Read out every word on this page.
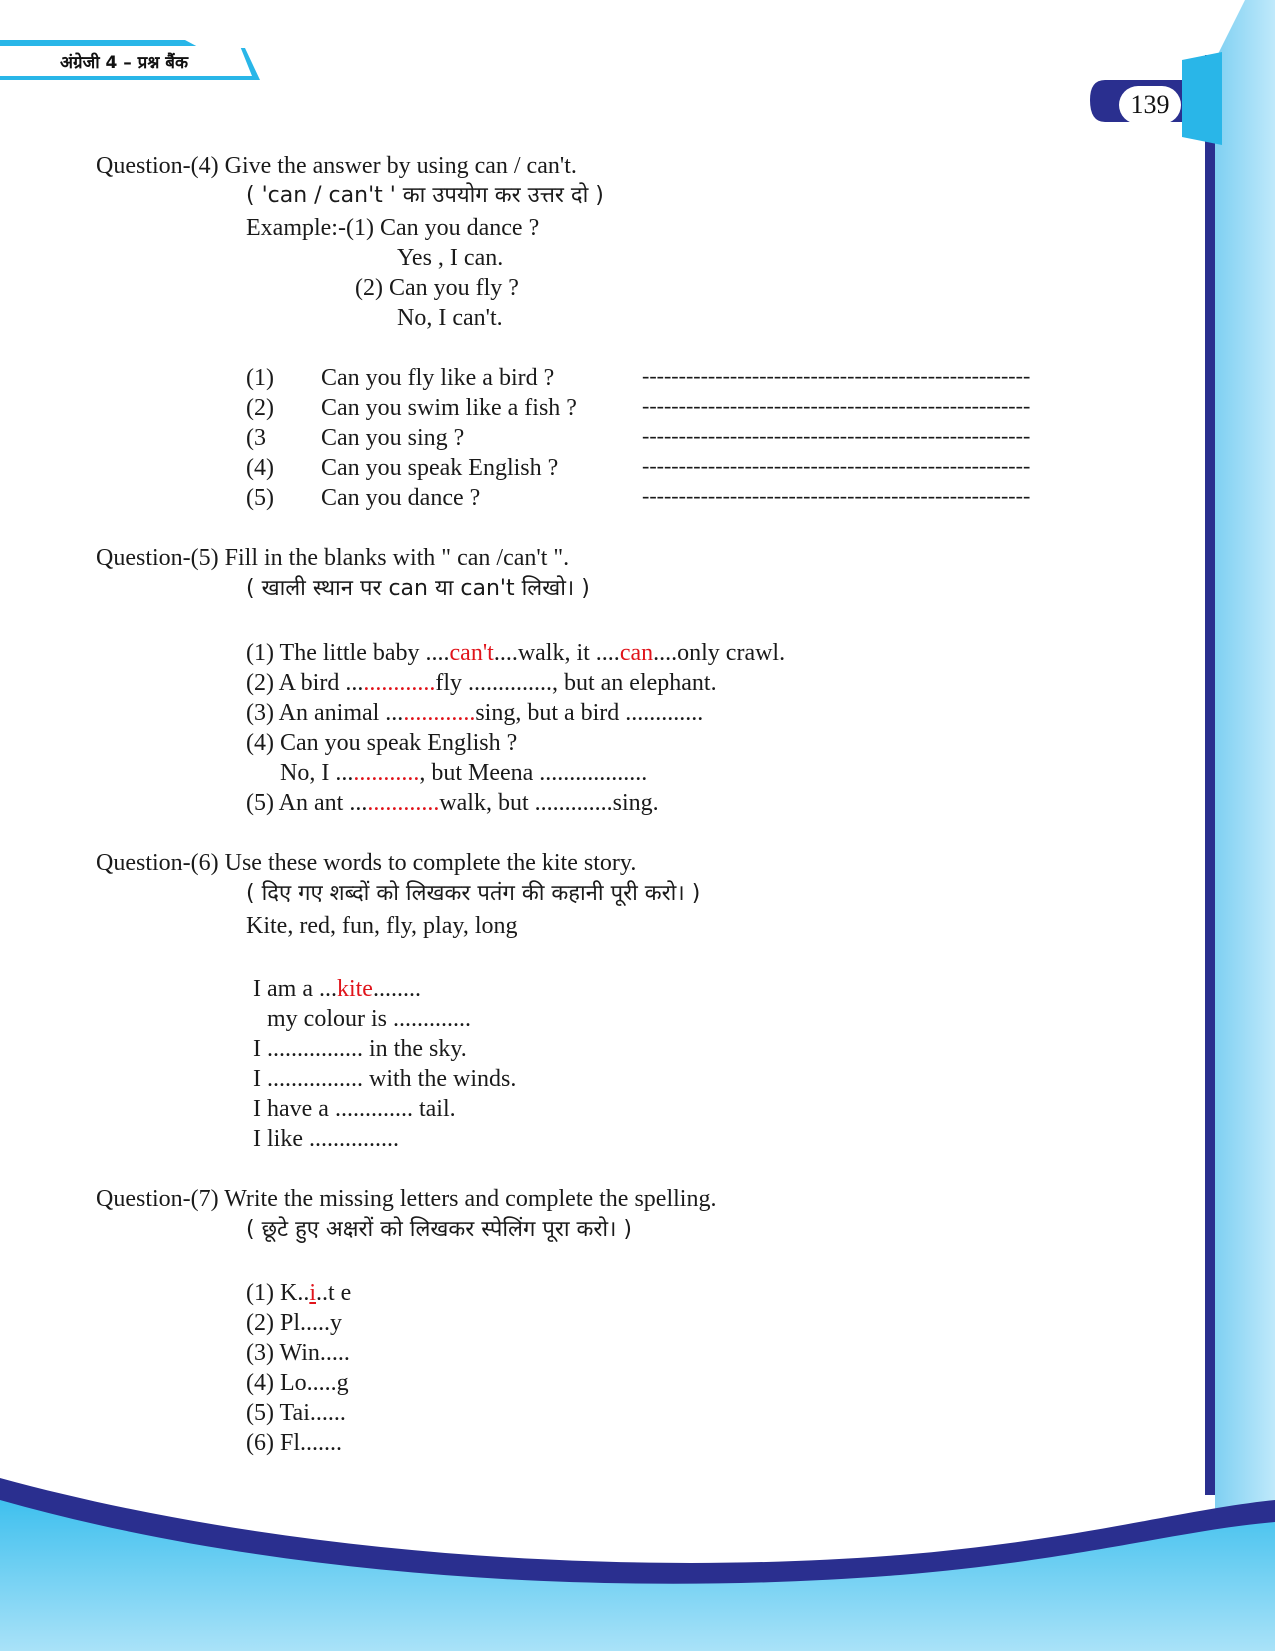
अंग्रेजी 4 – प्रश्न बैंक
139
Question-(4) Give the answer by using can / can't.
( 'can / can't ' का उपयोग कर उत्तर दो )
Example:-(1) Can you dance ?
Yes , I can.
(2) Can you fly ?
No, I can't.
(1) Can you fly like a bird ?	-----------------------------------------------------
(2) Can you swim like a fish ?	-----------------------------------------------------
(3 Can you sing ?	-----------------------------------------------------
(4) Can you speak English ?	-----------------------------------------------------
(5) Can you dance ?	-----------------------------------------------------
Question-(5) Fill in the blanks with " can /can't ".
( खाली स्थान पर can या can't लिखो। )
(1) The little baby ....can't....walk, it ....can....only crawl.
(2) A bird ...............fly .............., but an elephant.
(3) An animal ...............sing, but a bird .............
(4) Can you speak English ?
No, I .............., but Meena ..................
(5) An ant ...............walk, but .............sing.
Question-(6) Use these words to complete the kite story.
( दिए गए शब्दों को लिखकर पतंग की कहानी पूरी करो। )
Kite, red, fun, fly, play, long
I am a ...kite........
my colour is .............
I ................ in the sky.
I ................ with the winds.
I have a ............. tail.
I like ...............
Question-(7) Write the missing letters and complete the spelling.
( छूटे हुए अक्षरों को लिखकर स्पेलिंग पूरा करो। )
(1) K..i..t e
(2) Pl.....y
(3) Win.....
(4) Lo.....g
(5) Tai......
(6) Fl.......
